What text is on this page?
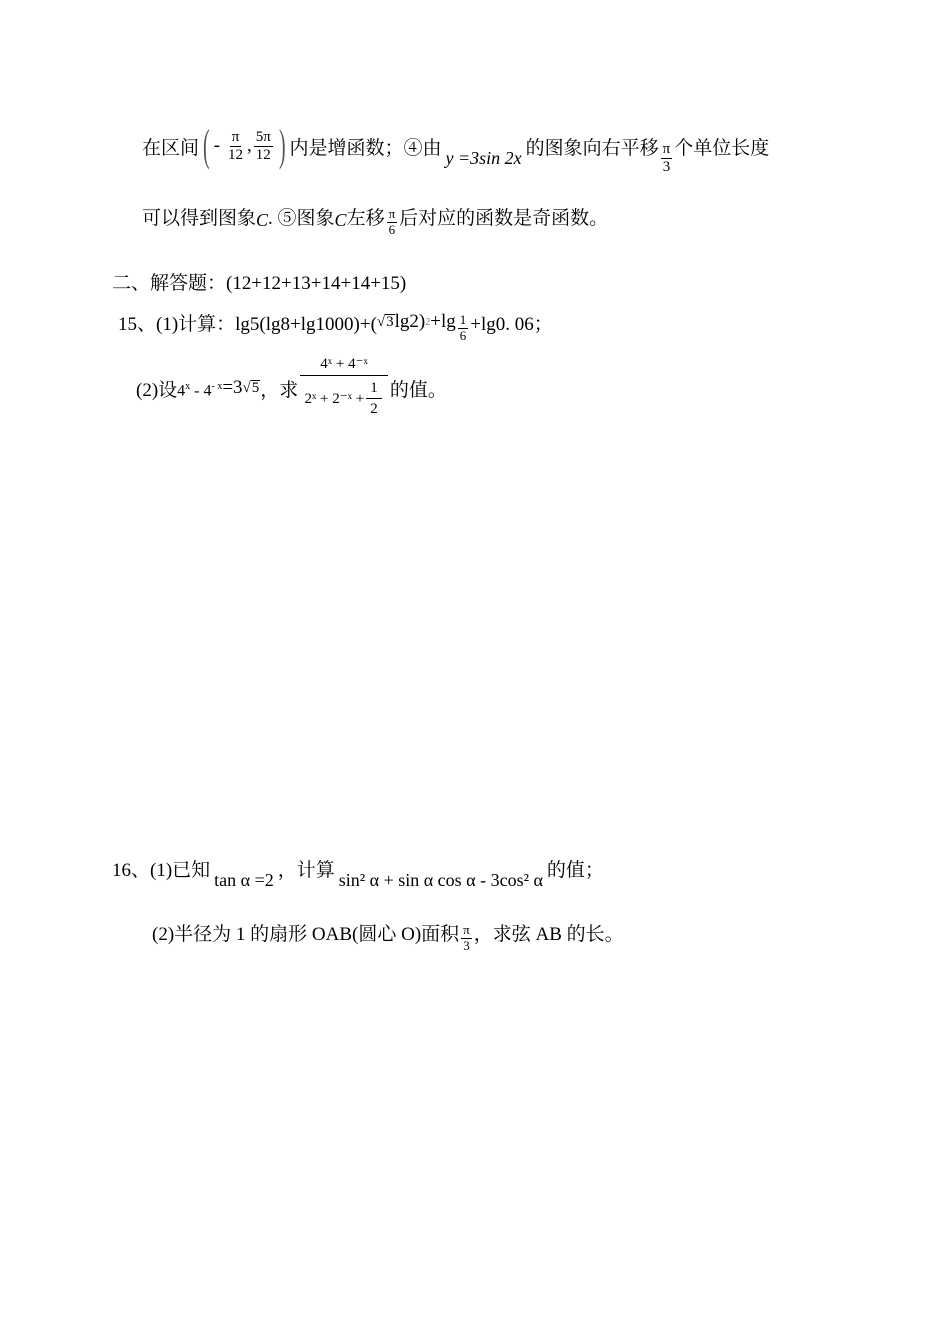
在区间 ( - $\frac{\pi}{12}$ , $\frac{5\pi}{12}$ ) 内是增函数；④由 y =3sin 2x 的图象向右平移 $\frac{\pi}{3}$ 个单位长度
可以得到图象 C . ⑤图象 C 左移 $\frac{\pi}{6}$ 后对应的函数是奇函数。
二、解答题：(12+12+13+14+14+15)
15、(1)计算：lg5(lg8+lg1000)+( √ 3 lg2) $2 +\lg \frac{1}{6} +\lg 0$. 06；
(2)设 $4^x - 4^{- x} =3$ √ 5 ，求 $\frac{\text{4ˣ + 4⁻ˣ}}{2ˣ + 2^-ˣ + \frac{1}{2}}$ 的值。
16、(1)已知 tan α =2 ，计算 sin² α + sin α cos α - 3cos² α 的值；
(2)半径为 1 的扇形 OAB(圆心 O)面积 $\frac{\pi}{3}$ ，求弦 AB 的长。
